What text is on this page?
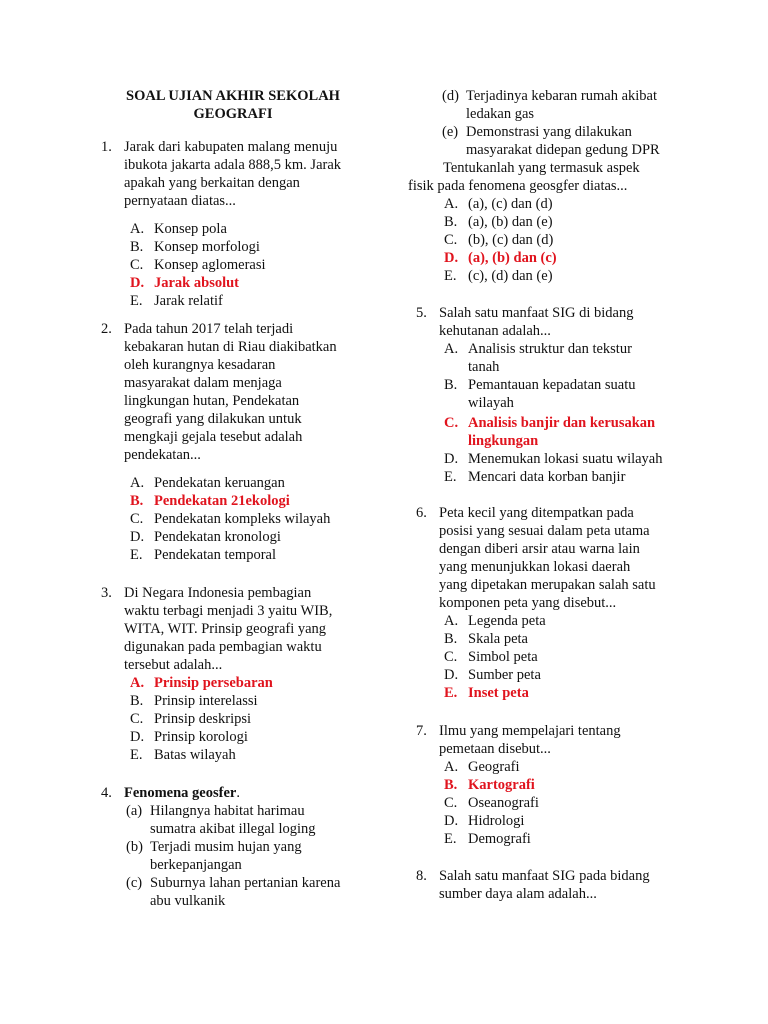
SOAL UJIAN AKHIR SEKOLAH
GEOGRAFI
1. Jarak dari kabupaten malang menuju
ibukota jakarta adala 888,5 km. Jarak
apakah yang berkaitan dengan
pernyataan diatas...
A. Konsep pola
B. Konsep morfologi
C. Konsep aglomerasi
D. Jarak absolut
E. Jarak relatif
2. Pada tahun 2017 telah terjadi
kebakaran hutan di Riau diakibatkan
oleh kurangnya kesadaran
masyarakat dalam menjaga
lingkungan hutan, Pendekatan
geografi yang dilakukan untuk
mengkaji gejala tesebut adalah
pendekatan...
A. Pendekatan keruangan
B. Pendekatan 21ekologi
C. Pendekatan kompleks wilayah
D. Pendekatan kronologi
E. Pendekatan temporal
3. Di Negara Indonesia pembagian
waktu terbagi menjadi 3 yaitu WIB,
WITA, WIT. Prinsip geografi yang
digunakan pada pembagian waktu
tersebut adalah...
A. Prinsip persebaran
B. Prinsip interelassi
C. Prinsip deskripsi
D. Prinsip korologi
E. Batas wilayah
4. Fenomena geosfer.
(a) Hilangnya habitat harimau
sumatra akibat illegal loging
(b) Terjadi musim hujan yang
berkepanjangan
(c) Suburnya lahan pertanian karena
abu vulkanik
(d) Terjadinya kebaran rumah akibat
ledakan gas
(e) Demonstrasi yang dilakukan
masyarakat didepan gedung DPR
Tentukanlah yang termasuk aspek
fisik pada fenomena geosgfer diatas...
A. (a), (c) dan (d)
B. (a), (b) dan (e)
C. (b), (c) dan (d)
D. (a), (b) dan (c)
E. (c), (d) dan (e)
5. Salah satu manfaat SIG di bidang
kehutanan adalah...
A. Analisis struktur dan tekstur
tanah
B. Pemantauan kepadatan suatu
wilayah
C. Analisis banjir dan kerusakan
lingkungan
D. Menemukan lokasi suatu wilayah
E. Mencari data korban banjir
6. Peta kecil yang ditempatkan pada
posisi yang sesuai dalam peta utama
dengan diberi arsir atau warna lain
yang menunjukkan lokasi daerah
yang dipetakan merupakan salah satu
komponen peta yang disebut...
A. Legenda peta
B. Skala peta
C. Simbol peta
D. Sumber peta
E. Inset peta
7. Ilmu yang mempelajari tentang
pemetaan disebut...
A. Geografi
B. Kartografi
C. Oseanografi
D. Hidrologi
E. Demografi
8. Salah satu manfaat SIG pada bidang
sumber daya alam adalah...
